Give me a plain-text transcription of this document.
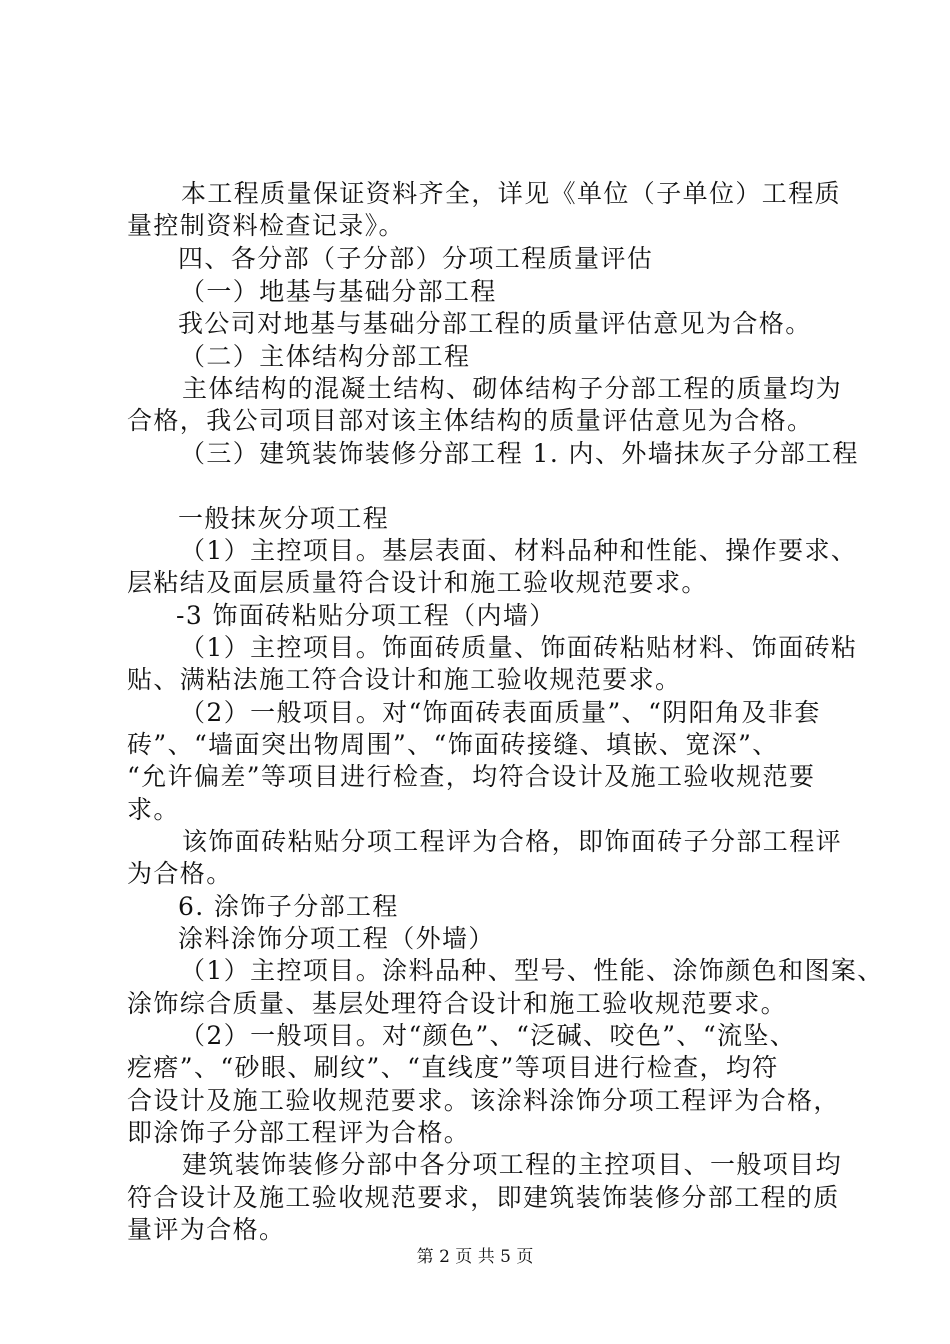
本工程质量保证资料齐全，详见《单位（子单位）工程质
量控制资料检查记录》。
四、各分部（子分部）分项工程质量评估
（一）地基与基础分部工程
我公司对地基与基础分部工程的质量评估意见为合格。
（二）主体结构分部工程
主体结构的混凝土结构、砌体结构子分部工程的质量均为
合格，我公司项目部对该主体结构的质量评估意见为合格。
（三）建筑装饰装修分部工程 1. 内、外墙抹灰子分部工程
一般抹灰分项工程
（1）主控项目。基层表面、材料品种和性能、操作要求、
层粘结及面层质量符合设计和施工验收规范要求。
-3 饰面砖粘贴分项工程（内墙）
（1）主控项目。饰面砖质量、饰面砖粘贴材料、饰面砖粘
贴、满粘法施工符合设计和施工验收规范要求。
（2）一般项目。对“饰面砖表面质量”、“阴阳角及非套
砖”、“墙面突出物周围”、“饰面砖接缝、填嵌、宽深”、
“允许偏差”等项目进行检查，均符合设计及施工验收规范要
求。
该饰面砖粘贴分项工程评为合格，即饰面砖子分部工程评
为合格。
6. 涂饰子分部工程
涂料涂饰分项工程（外墙）
（1）主控项目。涂料品种、型号、性能、涂饰颜色和图案、
涂饰综合质量、基层处理符合设计和施工验收规范要求。
（2）一般项目。对“颜色”、“泛碱、咬色”、“流坠、
疙瘩”、“砂眼、刷纹”、“直线度”等项目进行检查，均符
合设计及施工验收规范要求。该涂料涂饰分项工程评为合格，
即涂饰子分部工程评为合格。
建筑装饰装修分部中各分项工程的主控项目、一般项目均
符合设计及施工验收规范要求，即建筑装饰装修分部工程的质
量评为合格。
第 2 页 共 5 页
